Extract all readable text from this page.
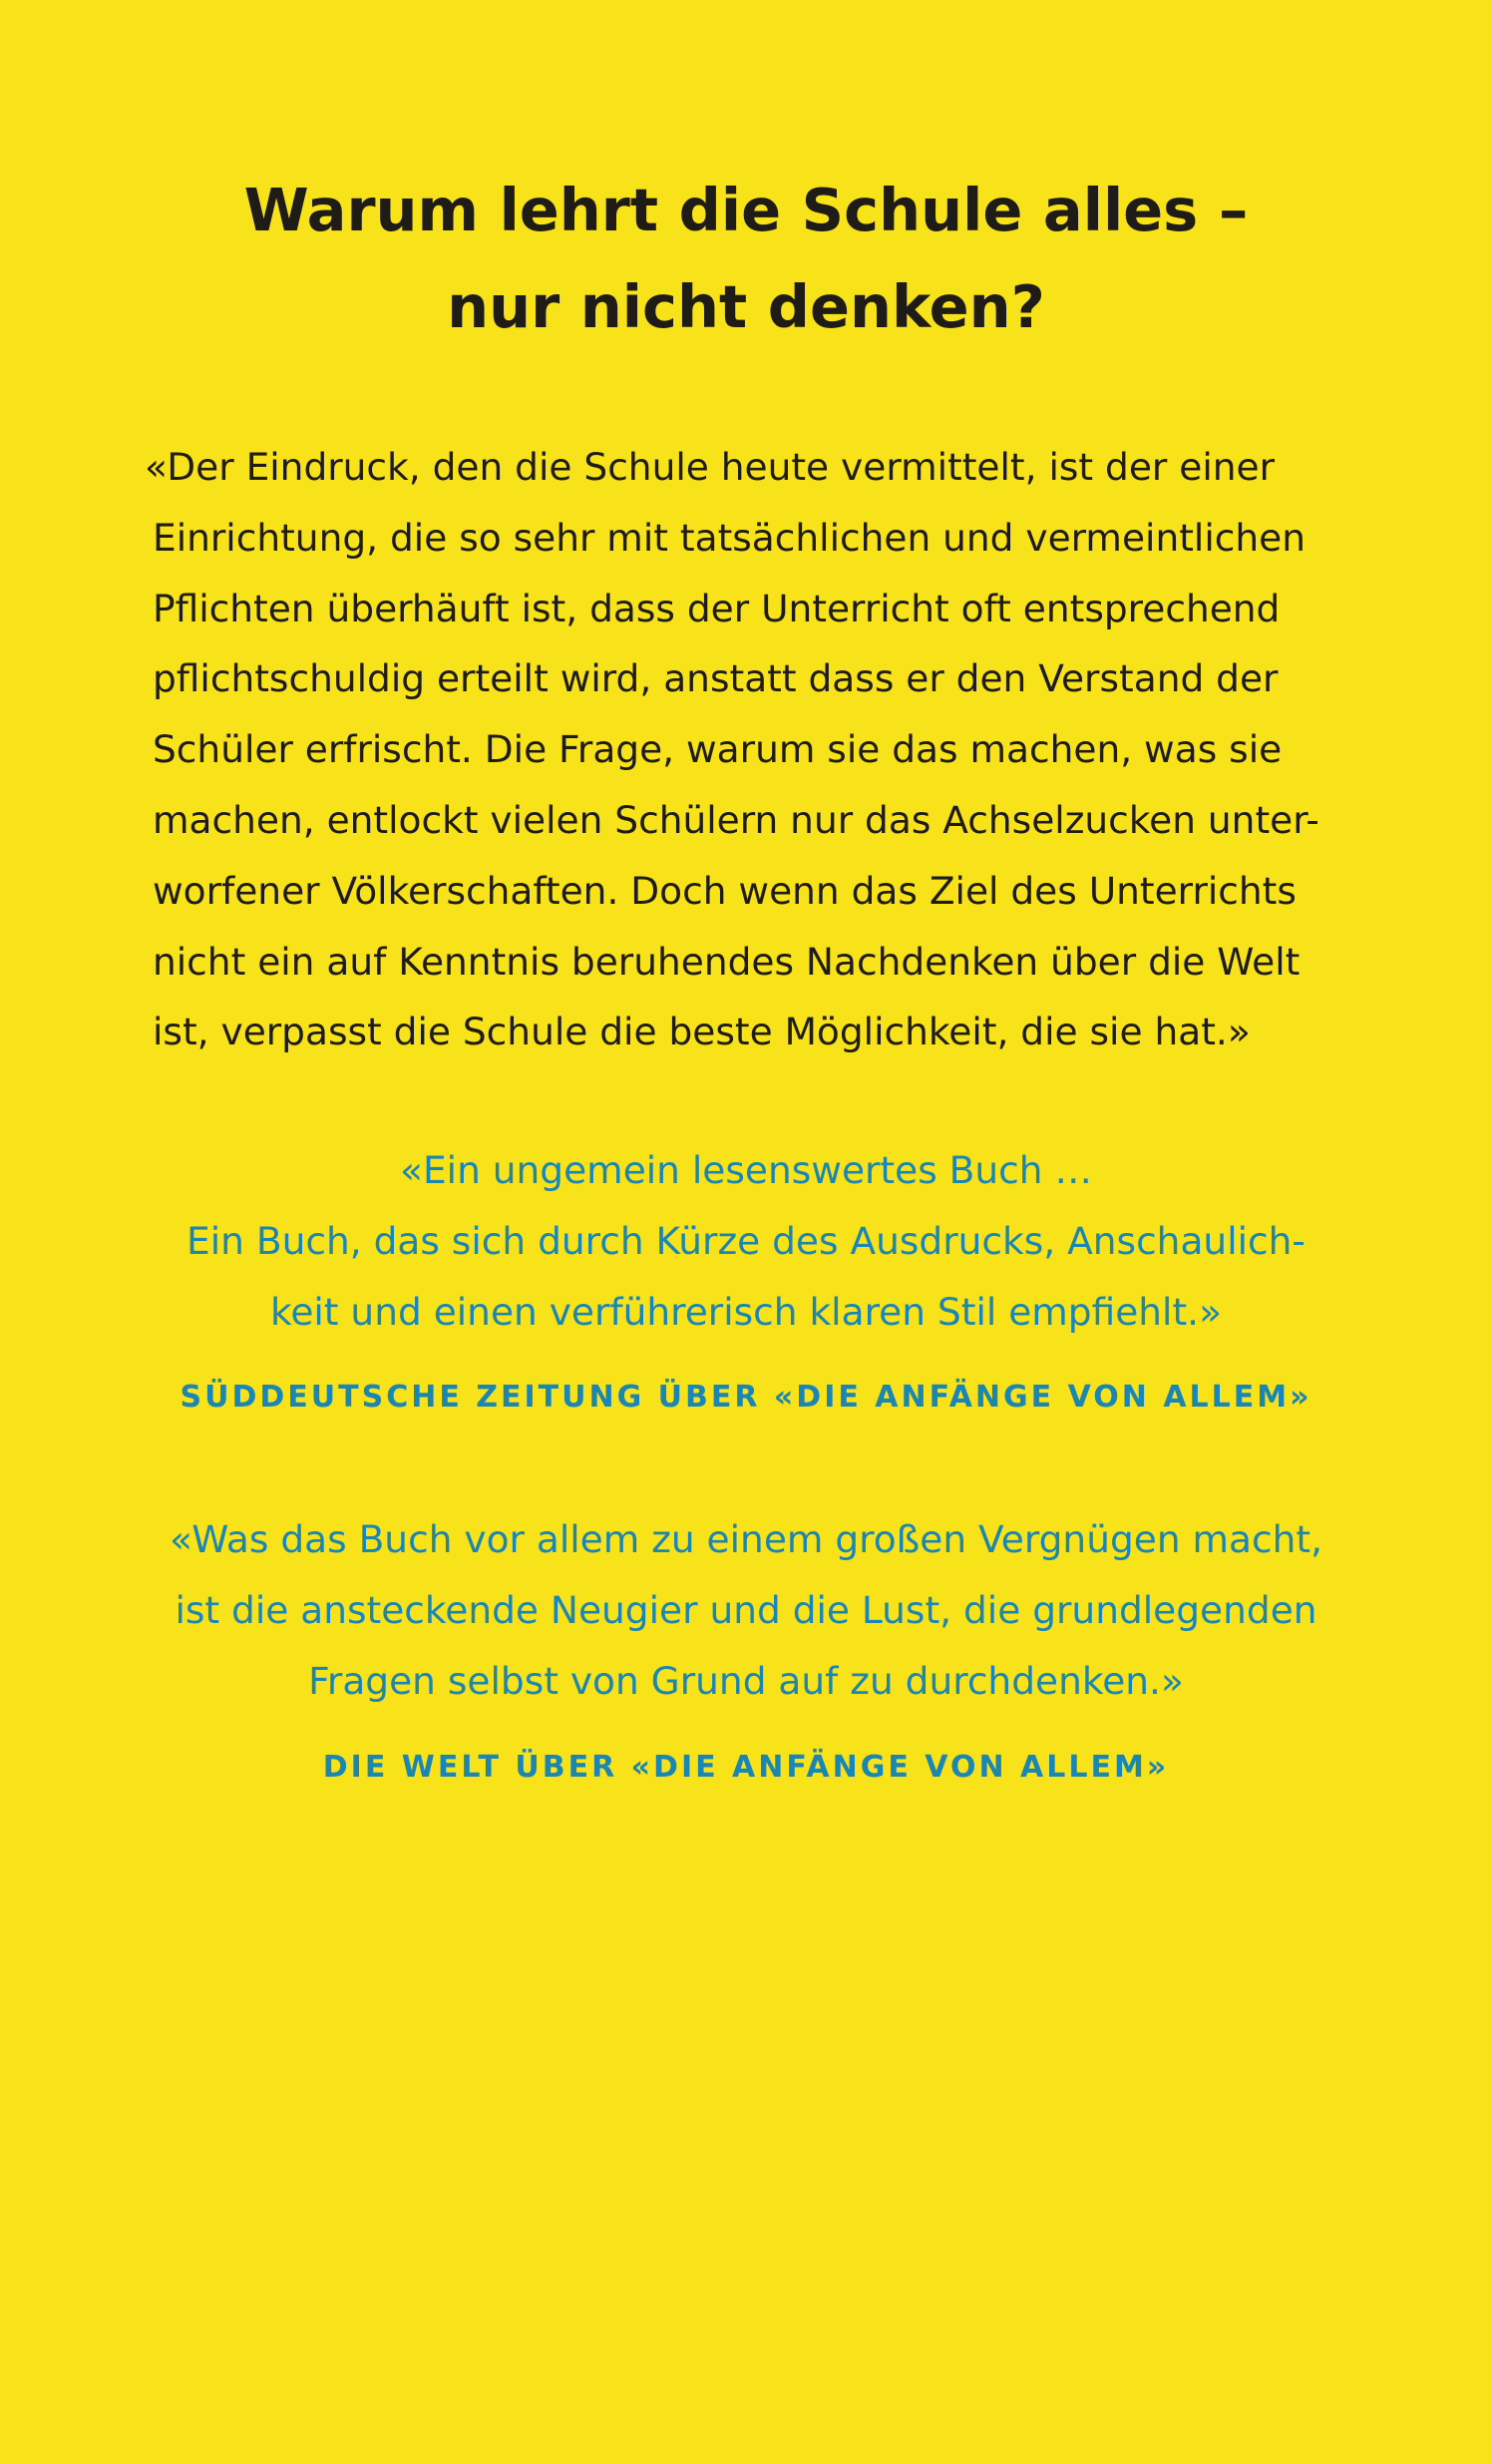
Warum lehrt die Schule alles –
nur nicht denken?
«Der Eindruck, den die Schule heute vermittelt, ist der einer
Einrichtung, die so sehr mit tatsächlichen und vermeintlichen
Pflichten überhäuft ist, dass der Unterricht oft entsprechend
pflichtschuldig erteilt wird, anstatt dass er den Verstand der
Schüler erfrischt. Die Frage, warum sie das machen, was sie
machen, entlockt vielen Schülern nur das Achselzucken unter-
worfener Völkerschaften. Doch wenn das Ziel des Unterrichts
nicht ein auf Kenntnis beruhendes Nachdenken über die Welt
ist, verpasst die Schule die beste Möglichkeit, die sie hat.»
«Ein ungemein lesenswertes Buch …
Ein Buch, das sich durch Kürze des Ausdrucks, Anschaulich-
keit und einen verführerisch klaren Stil empfiehlt.»
SÜDDEUTSCHE ZEITUNG ÜBER «DIE ANFÄNGE VON ALLEM»
«Was das Buch vor allem zu einem großen Vergnügen macht,
ist die ansteckende Neugier und die Lust, die grundlegenden
Fragen selbst von Grund auf zu durchdenken.»
DIE WELT ÜBER «DIE ANFÄNGE VON ALLEM»
